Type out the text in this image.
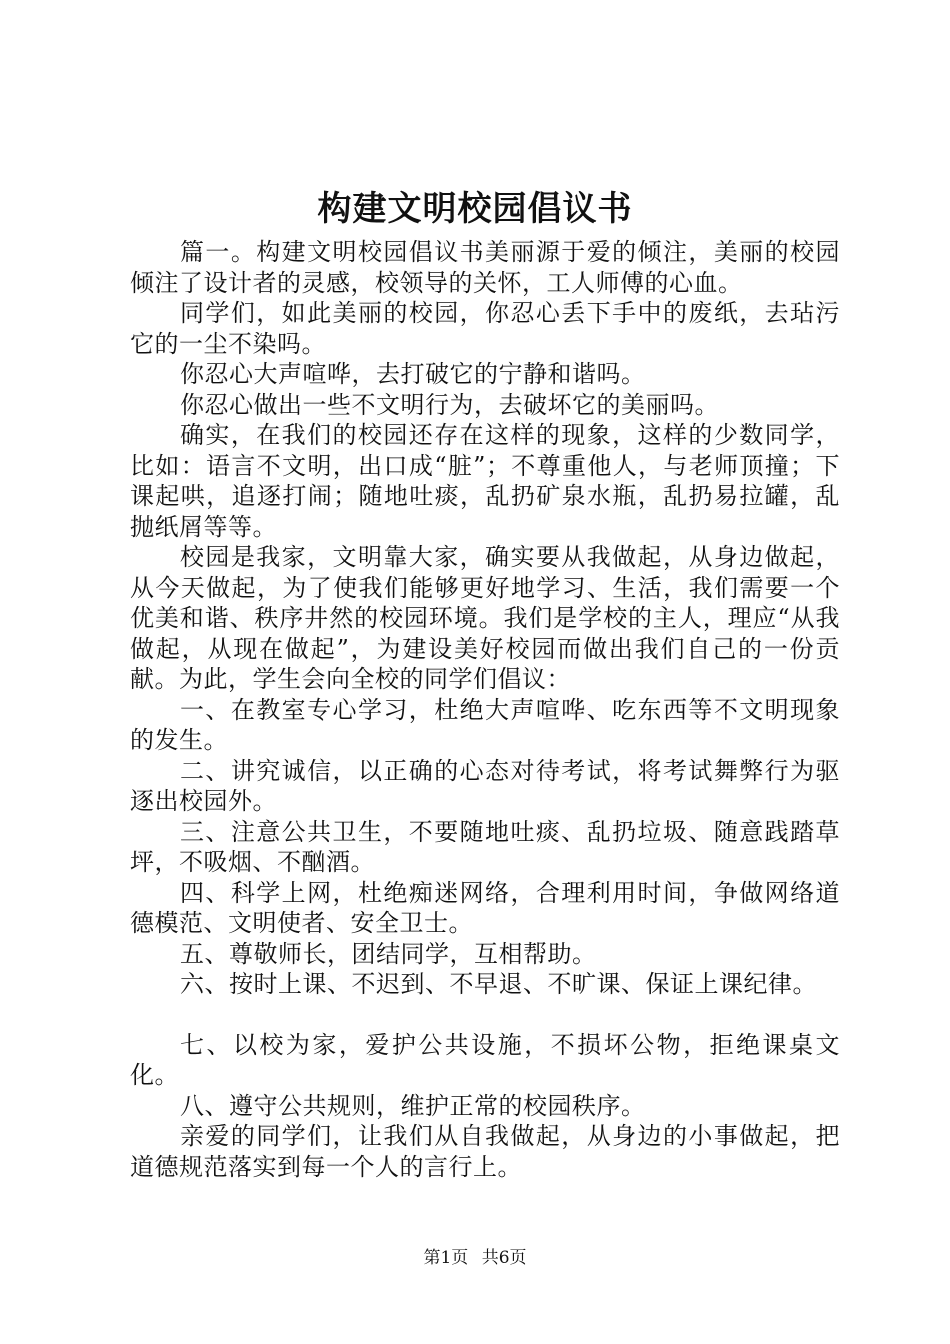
构建文明校园倡议书

篇一。构建文明校园倡议书美丽源于爱的倾注，美丽的校园倾注了设计者的灵感，校领导的关怀，工人师傅的心血。

同学们，如此美丽的校园，你忍心丢下手中的废纸，去玷污它的一尘不染吗。

你忍心大声喧哗，去打破它的宁静和谐吗。

你忍心做出一些不文明行为，去破坏它的美丽吗。

确实，在我们的校园还存在这样的现象，这样的少数同学，比如：语言不文明，出口成“脏”；不尊重他人，与老师顶撞；下课起哄，追逐打闹；随地吐痰，乱扔矿泉水瓶，乱扔易拉罐，乱抛纸屑等等。

校园是我家，文明靠大家，确实要从我做起，从身边做起，从今天做起，为了使我们能够更好地学习、生活，我们需要一个优美和谐、秩序井然的校园环境。我们是学校的主人，理应“从我做起，从现在做起”，为建设美好校园而做出我们自己的一份贡献。为此，学生会向全校的同学们倡议：

一、在教室专心学习，杜绝大声喧哗、吃东西等不文明现象的发生。

二、讲究诚信，以正确的心态对待考试，将考试舞弊行为驱逐出校园外。

三、注意公共卫生，不要随地吐痰、乱扔垃圾、随意践踏草坪，不吸烟、不酗酒。

四、科学上网，杜绝痴迷网络，合理利用时间，争做网络道德模范、文明使者、安全卫士。

五、尊敬师长，团结同学，互相帮助。

六、按时上课、不迟到、不早退、不旷课、保证上课纪律。

七、以校为家，爱护公共设施，不损坏公物，拒绝课桌文化。

八、遵守公共规则，维护正常的校园秩序。

亲爱的同学们，让我们从自我做起，从身边的小事做起，把道德规范落实到每一个人的言行上。

第1页 共6页
